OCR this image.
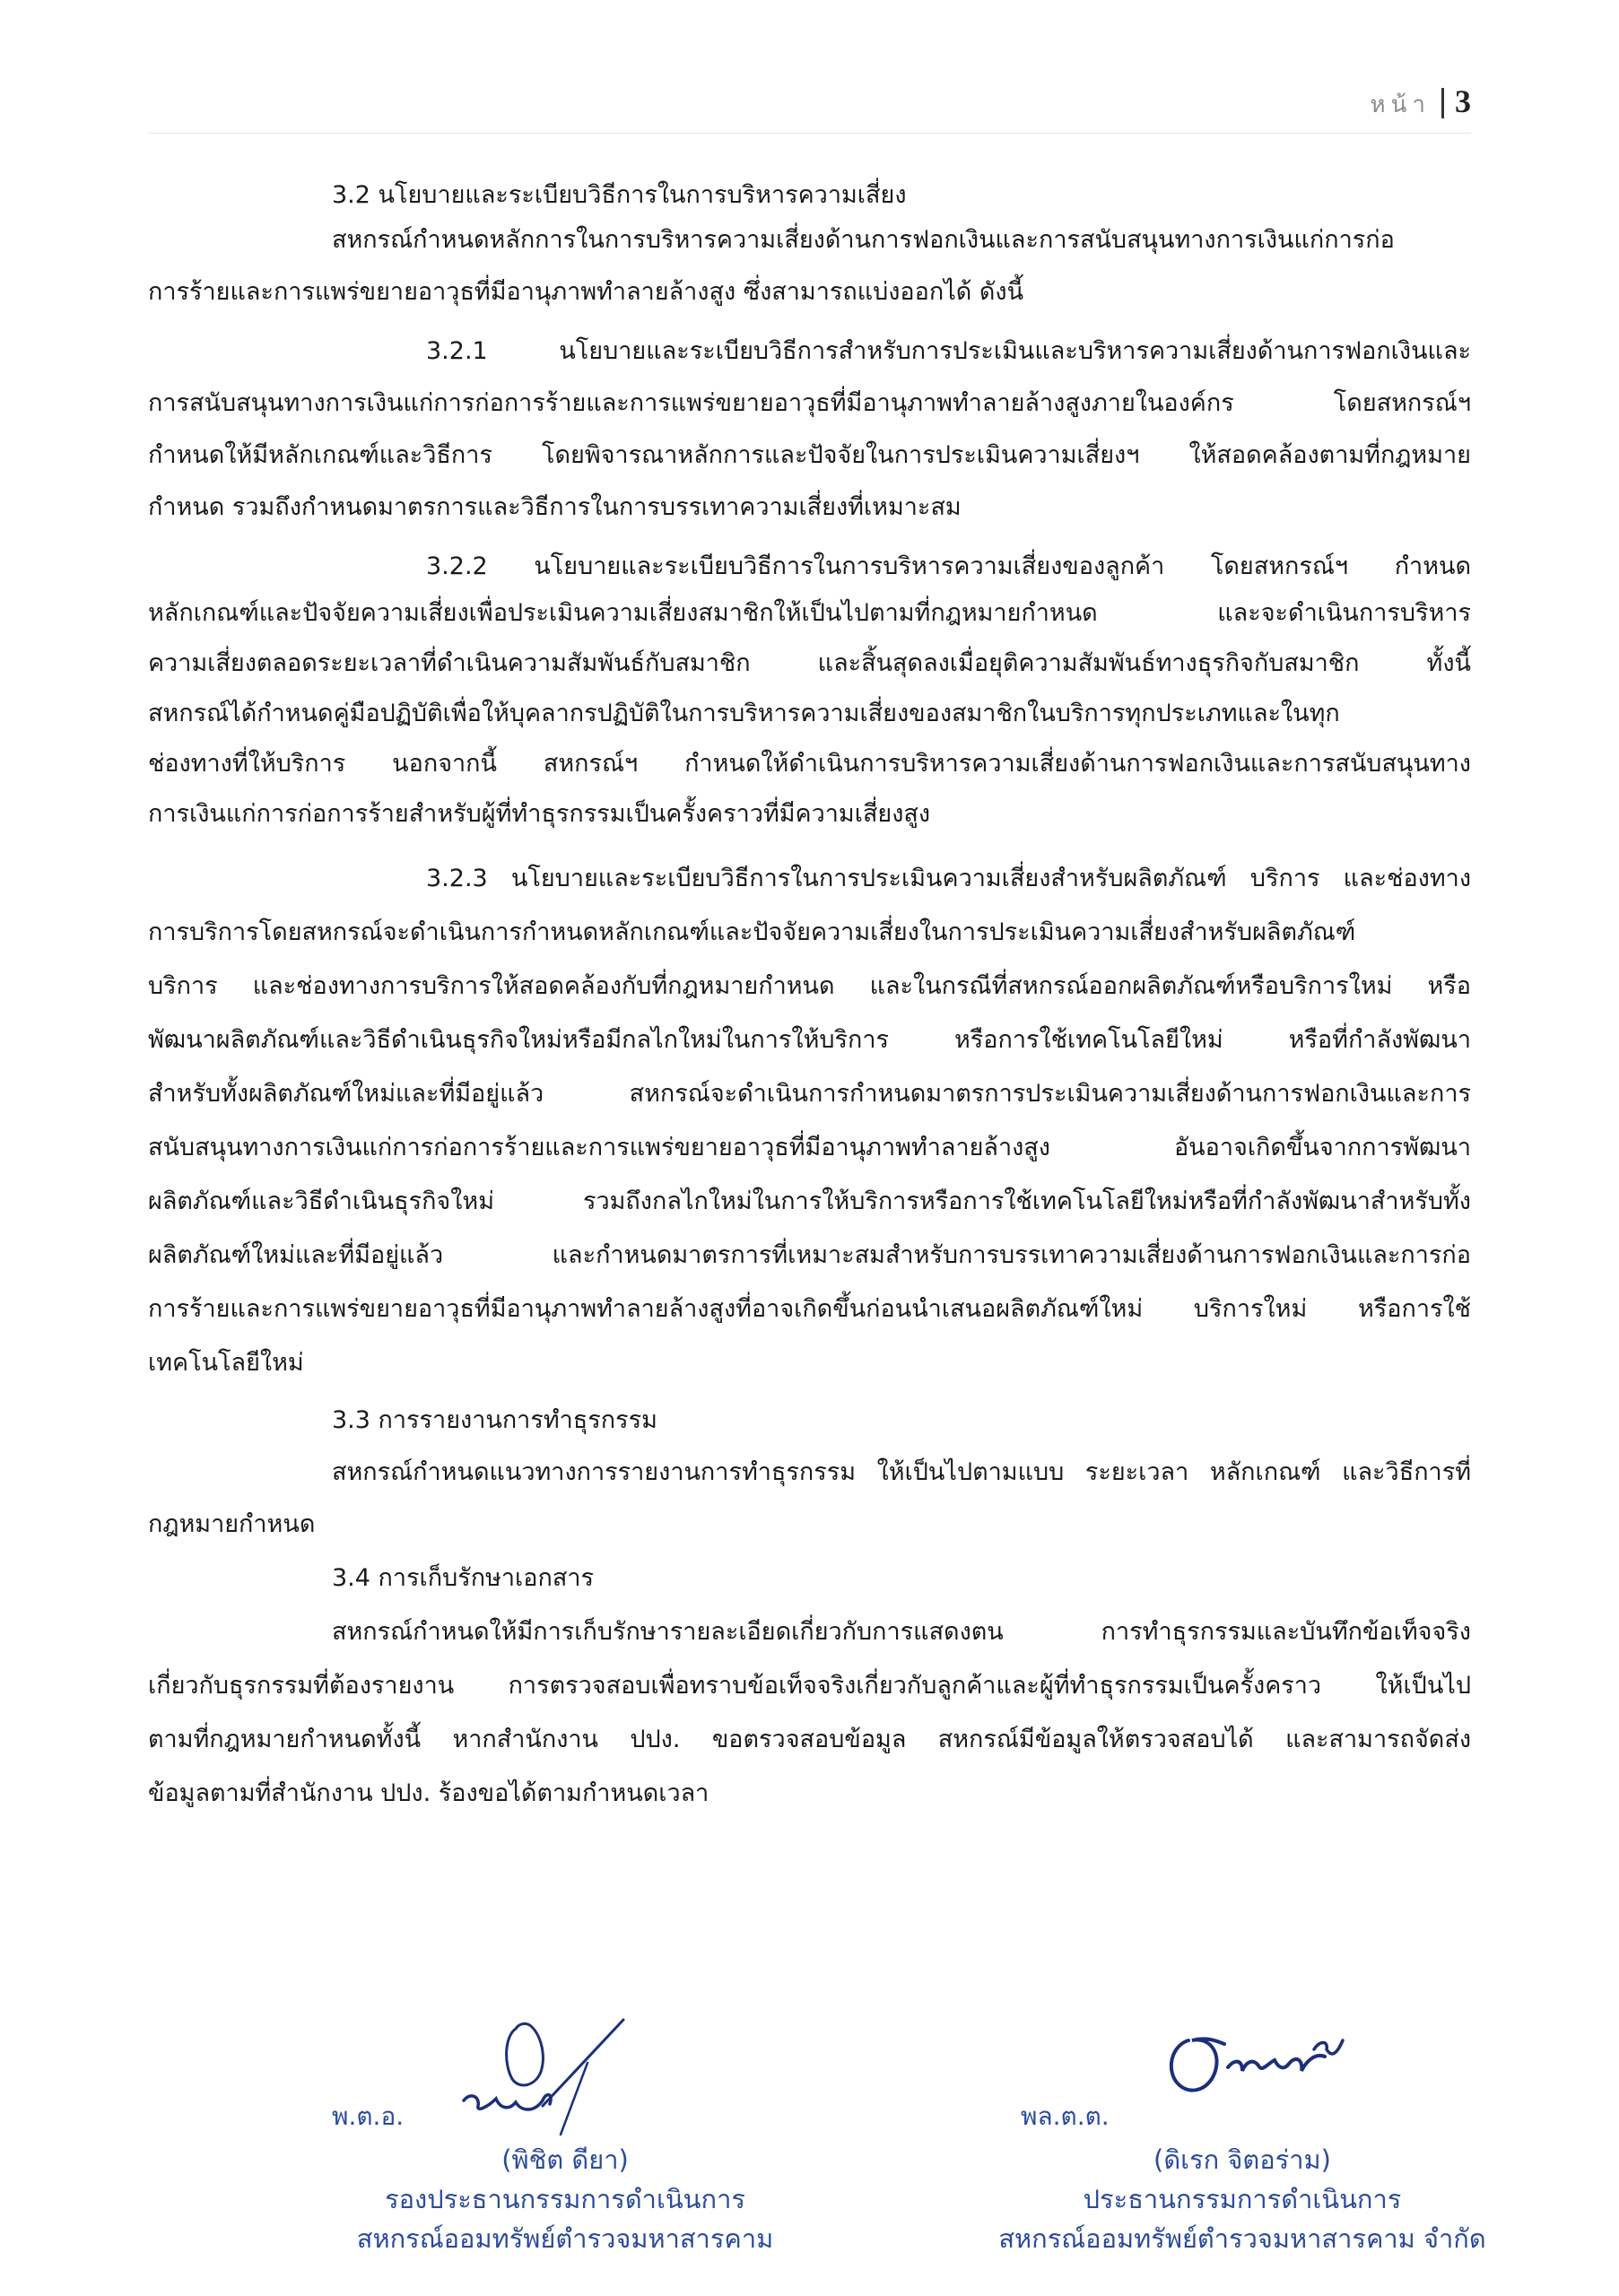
หน้า 3
3.2 นโยบายและระเบียบวิธีการในการบริหารความเสี่ยง
สหกรณ์กำหนดหลักการในการบริหารความเสี่ยงด้านการฟอกเงินและการสนับสนุนทางการเงินแก่การก่อ
การร้ายและการแพร่ขยายอาวุธที่มีอานุภาพทำลายล้างสูง ซึ่งสามารถแบ่งออกได้ ดังนี้
3.2.1 นโยบายและระเบียบวิธีการสำหรับการประเมินและบริหารความเสี่ยงด้านการฟอกเงินและ
การสนับสนุนทางการเงินแก่การก่อการร้ายและการแพร่ขยายอาวุธที่มีอานุภาพทำลายล้างสูงภายในองค์กร โดยสหกรณ์ฯ
กำหนดให้มีหลักเกณฑ์และวิธีการ โดยพิจารณาหลักการและปัจจัยในการประเมินความเสี่ยงฯ ให้สอดคล้องตามที่กฎหมาย
กำหนด รวมถึงกำหนดมาตรการและวิธีการในการบรรเทาความเสี่ยงที่เหมาะสม
3.2.2 นโยบายและระเบียบวิธีการในการบริหารความเสี่ยงของลูกค้า โดยสหกรณ์ฯ กำหนด
หลักเกณฑ์และปัจจัยความเสี่ยงเพื่อประเมินความเสี่ยงสมาชิกให้เป็นไปตามที่กฎหมายกำหนด และจะดำเนินการบริหาร
ความเสี่ยงตลอดระยะเวลาที่ดำเนินความสัมพันธ์กับสมาชิก และสิ้นสุดลงเมื่อยุติความสัมพันธ์ทางธุรกิจกับสมาชิก ทั้งนี้
สหกรณ์ได้กำหนดคู่มือปฏิบัติเพื่อให้บุคลากรปฏิบัติในการบริหารความเสี่ยงของสมาชิกในบริการทุกประเภทและในทุก
ช่องทางที่ให้บริการ นอกจากนี้ สหกรณ์ฯ กำหนดให้ดำเนินการบริหารความเสี่ยงด้านการฟอกเงินและการสนับสนุนทาง
การเงินแก่การก่อการร้ายสำหรับผู้ที่ทำธุรกรรมเป็นครั้งคราวที่มีความเสี่ยงสูง
3.2.3 นโยบายและระเบียบวิธีการในการประเมินความเสี่ยงสำหรับผลิตภัณฑ์ บริการ และช่องทาง
การบริการโดยสหกรณ์จะดำเนินการกำหนดหลักเกณฑ์และปัจจัยความเสี่ยงในการประเมินความเสี่ยงสำหรับผลิตภัณฑ์
บริการ และช่องทางการบริการให้สอดคล้องกับที่กฎหมายกำหนด และในกรณีที่สหกรณ์ออกผลิตภัณฑ์หรือบริการใหม่ หรือ
พัฒนาผลิตภัณฑ์และวิธีดำเนินธุรกิจใหม่หรือมีกลไกใหม่ในการให้บริการ หรือการใช้เทคโนโลยีใหม่ หรือที่กำลังพัฒนา
สำหรับทั้งผลิตภัณฑ์ใหม่และที่มีอยู่แล้ว สหกรณ์จะดำเนินการกำหนดมาตรการประเมินความเสี่ยงด้านการฟอกเงินและการ
สนับสนุนทางการเงินแก่การก่อการร้ายและการแพร่ขยายอาวุธที่มีอานุภาพทำลายล้างสูง อันอาจเกิดขึ้นจากการพัฒนา
ผลิตภัณฑ์และวิธีดำเนินธุรกิจใหม่ รวมถึงกลไกใหม่ในการให้บริการหรือการใช้เทคโนโลยีใหม่หรือที่กำลังพัฒนาสำหรับทั้ง
ผลิตภัณฑ์ใหม่และที่มีอยู่แล้ว และกำหนดมาตรการที่เหมาะสมสำหรับการบรรเทาความเสี่ยงด้านการฟอกเงินและการก่อ
การร้ายและการแพร่ขยายอาวุธที่มีอานุภาพทำลายล้างสูงที่อาจเกิดขึ้นก่อนนำเสนอผลิตภัณฑ์ใหม่ บริการใหม่ หรือการใช้
เทคโนโลยีใหม่
3.3 การรายงานการทำธุรกรรม
สหกรณ์กำหนดแนวทางการรายงานการทำธุรกรรม ให้เป็นไปตามแบบ ระยะเวลา หลักเกณฑ์ และวิธีการที่
กฎหมายกำหนด
3.4 การเก็บรักษาเอกสาร
สหกรณ์กำหนดให้มีการเก็บรักษารายละเอียดเกี่ยวกับการแสดงตน การทำธุรกรรมและบันทึกข้อเท็จจริง
เกี่ยวกับธุรกรรมที่ต้องรายงาน การตรวจสอบเพื่อทราบข้อเท็จจริงเกี่ยวกับลูกค้าและผู้ที่ทำธุรกรรมเป็นครั้งคราว ให้เป็นไป
ตามที่กฎหมายกำหนดทั้งนี้ หากสำนักงาน ปปง. ขอตรวจสอบข้อมูล สหกรณ์มีข้อมูลให้ตรวจสอบได้ และสามารถจัดส่ง
ข้อมูลตามที่สำนักงาน ปปง. ร้องขอได้ตามกำหนดเวลา
พ.ต.อ.
(พิชิต ดียา)
รองประธานกรรมการดำเนินการ
สหกรณ์ออมทรัพย์ตำรวจมหาสารคาม
พล.ต.ต.
(ดิเรก จิตอร่าม)
ประธานกรรมการดำเนินการ
สหกรณ์ออมทรัพย์ตำรวจมหาสารคาม จำกัด
